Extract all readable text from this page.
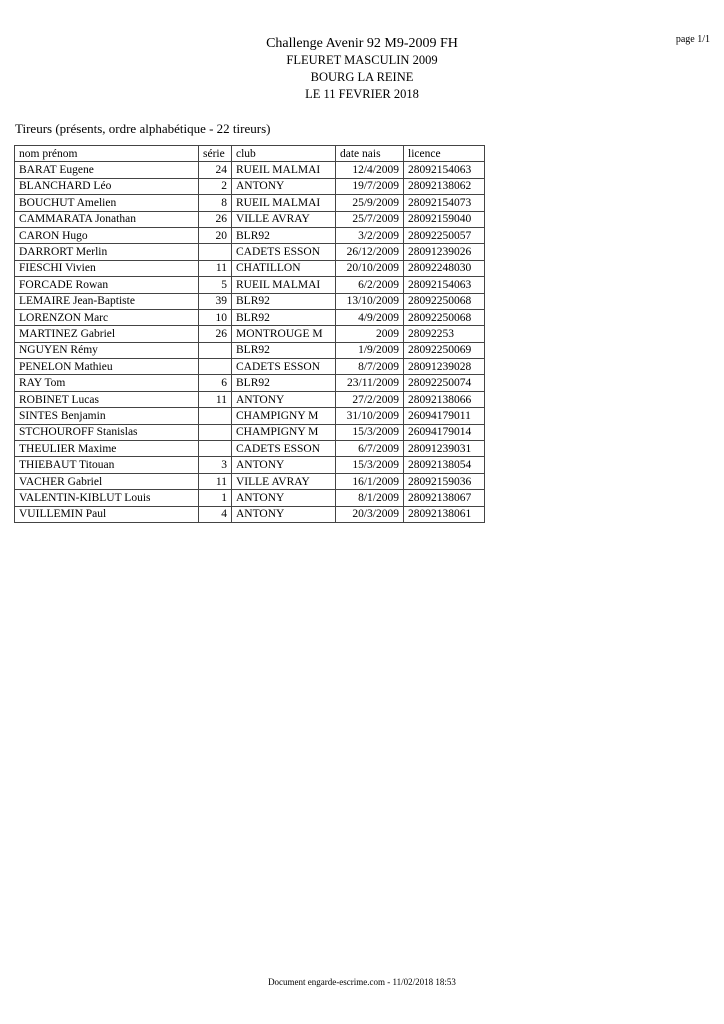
page 1/1
Challenge Avenir 92 M9-2009 FH
FLEURET MASCULIN 2009
BOURG LA REINE
LE 11 FEVRIER 2018
Tireurs (présents, ordre alphabétique - 22 tireurs)
nom prénom	série	club	date nais	licence
BARAT Eugene	24	RUEIL MALMAI	12/4/2009	28092154063
BLANCHARD Léo	2	ANTONY	19/7/2009	28092138062
BOUCHUT Amelien	8	RUEIL MALMAI	25/9/2009	28092154073
CAMMARATA Jonathan	26	VILLE AVRAY	25/7/2009	28092159040
CARON Hugo	20	BLR92	3/2/2009	28092250057
DARRORT Merlin		CADETS ESSON	26/12/2009	28091239026
FIESCHI Vivien	11	CHATILLON	20/10/2009	28092248030
FORCADE Rowan	5	RUEIL MALMAI	6/2/2009	28092154063
LEMAIRE Jean-Baptiste	39	BLR92	13/10/2009	28092250068
LORENZON Marc	10	BLR92	4/9/2009	28092250068
MARTINEZ Gabriel	26	MONTROUGE M	2009	28092253
NGUYEN Rémy		BLR92	1/9/2009	28092250069
PENELON Mathieu		CADETS ESSON	8/7/2009	28091239028
RAY Tom	6	BLR92	23/11/2009	28092250074
ROBINET Lucas	11	ANTONY	27/2/2009	28092138066
SINTES Benjamin		CHAMPIGNY M	31/10/2009	26094179011
STCHOUROFF Stanislas		CHAMPIGNY M	15/3/2009	26094179014
THEULIER Maxime		CADETS ESSON	6/7/2009	28091239031
THIEBAUT Titouan	3	ANTONY	15/3/2009	28092138054
VACHER Gabriel	11	VILLE AVRAY	16/1/2009	28092159036
VALENTIN-KIBLUT Louis	1	ANTONY	8/1/2009	28092138067
VUILLEMIN Paul	4	ANTONY	20/3/2009	28092138061
Document engarde-escrime.com - 11/02/2018 18:53
